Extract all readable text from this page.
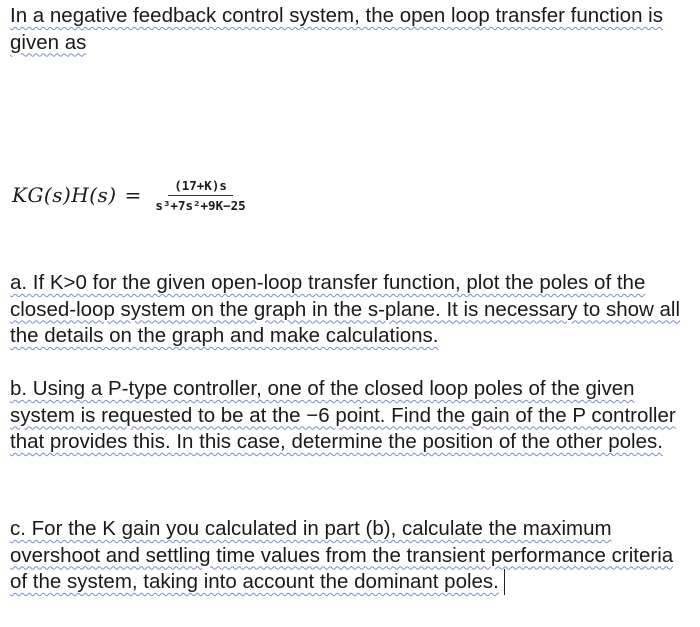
In a negative feedback control system, the open loop transfer function is given as
$KG(s)H(s) = \frac{(17+K)s}{\text{s³+7s²+9K−25}}$
a. If K>0 for the given open-loop transfer function, plot the poles of the closed-loop system on the graph in the s-plane. It is necessary to show all the details on the graph and make calculations.
b. Using a P-type controller, one of the closed loop poles of the given system is requested to be at the −6 point. Find the gain of the P controller that provides this. In this case, determine the position of the other poles.
c. For the K gain you calculated in part (b), calculate the maximum overshoot and settling time values from the transient performance criteria of the system, taking into account the dominant poles.
